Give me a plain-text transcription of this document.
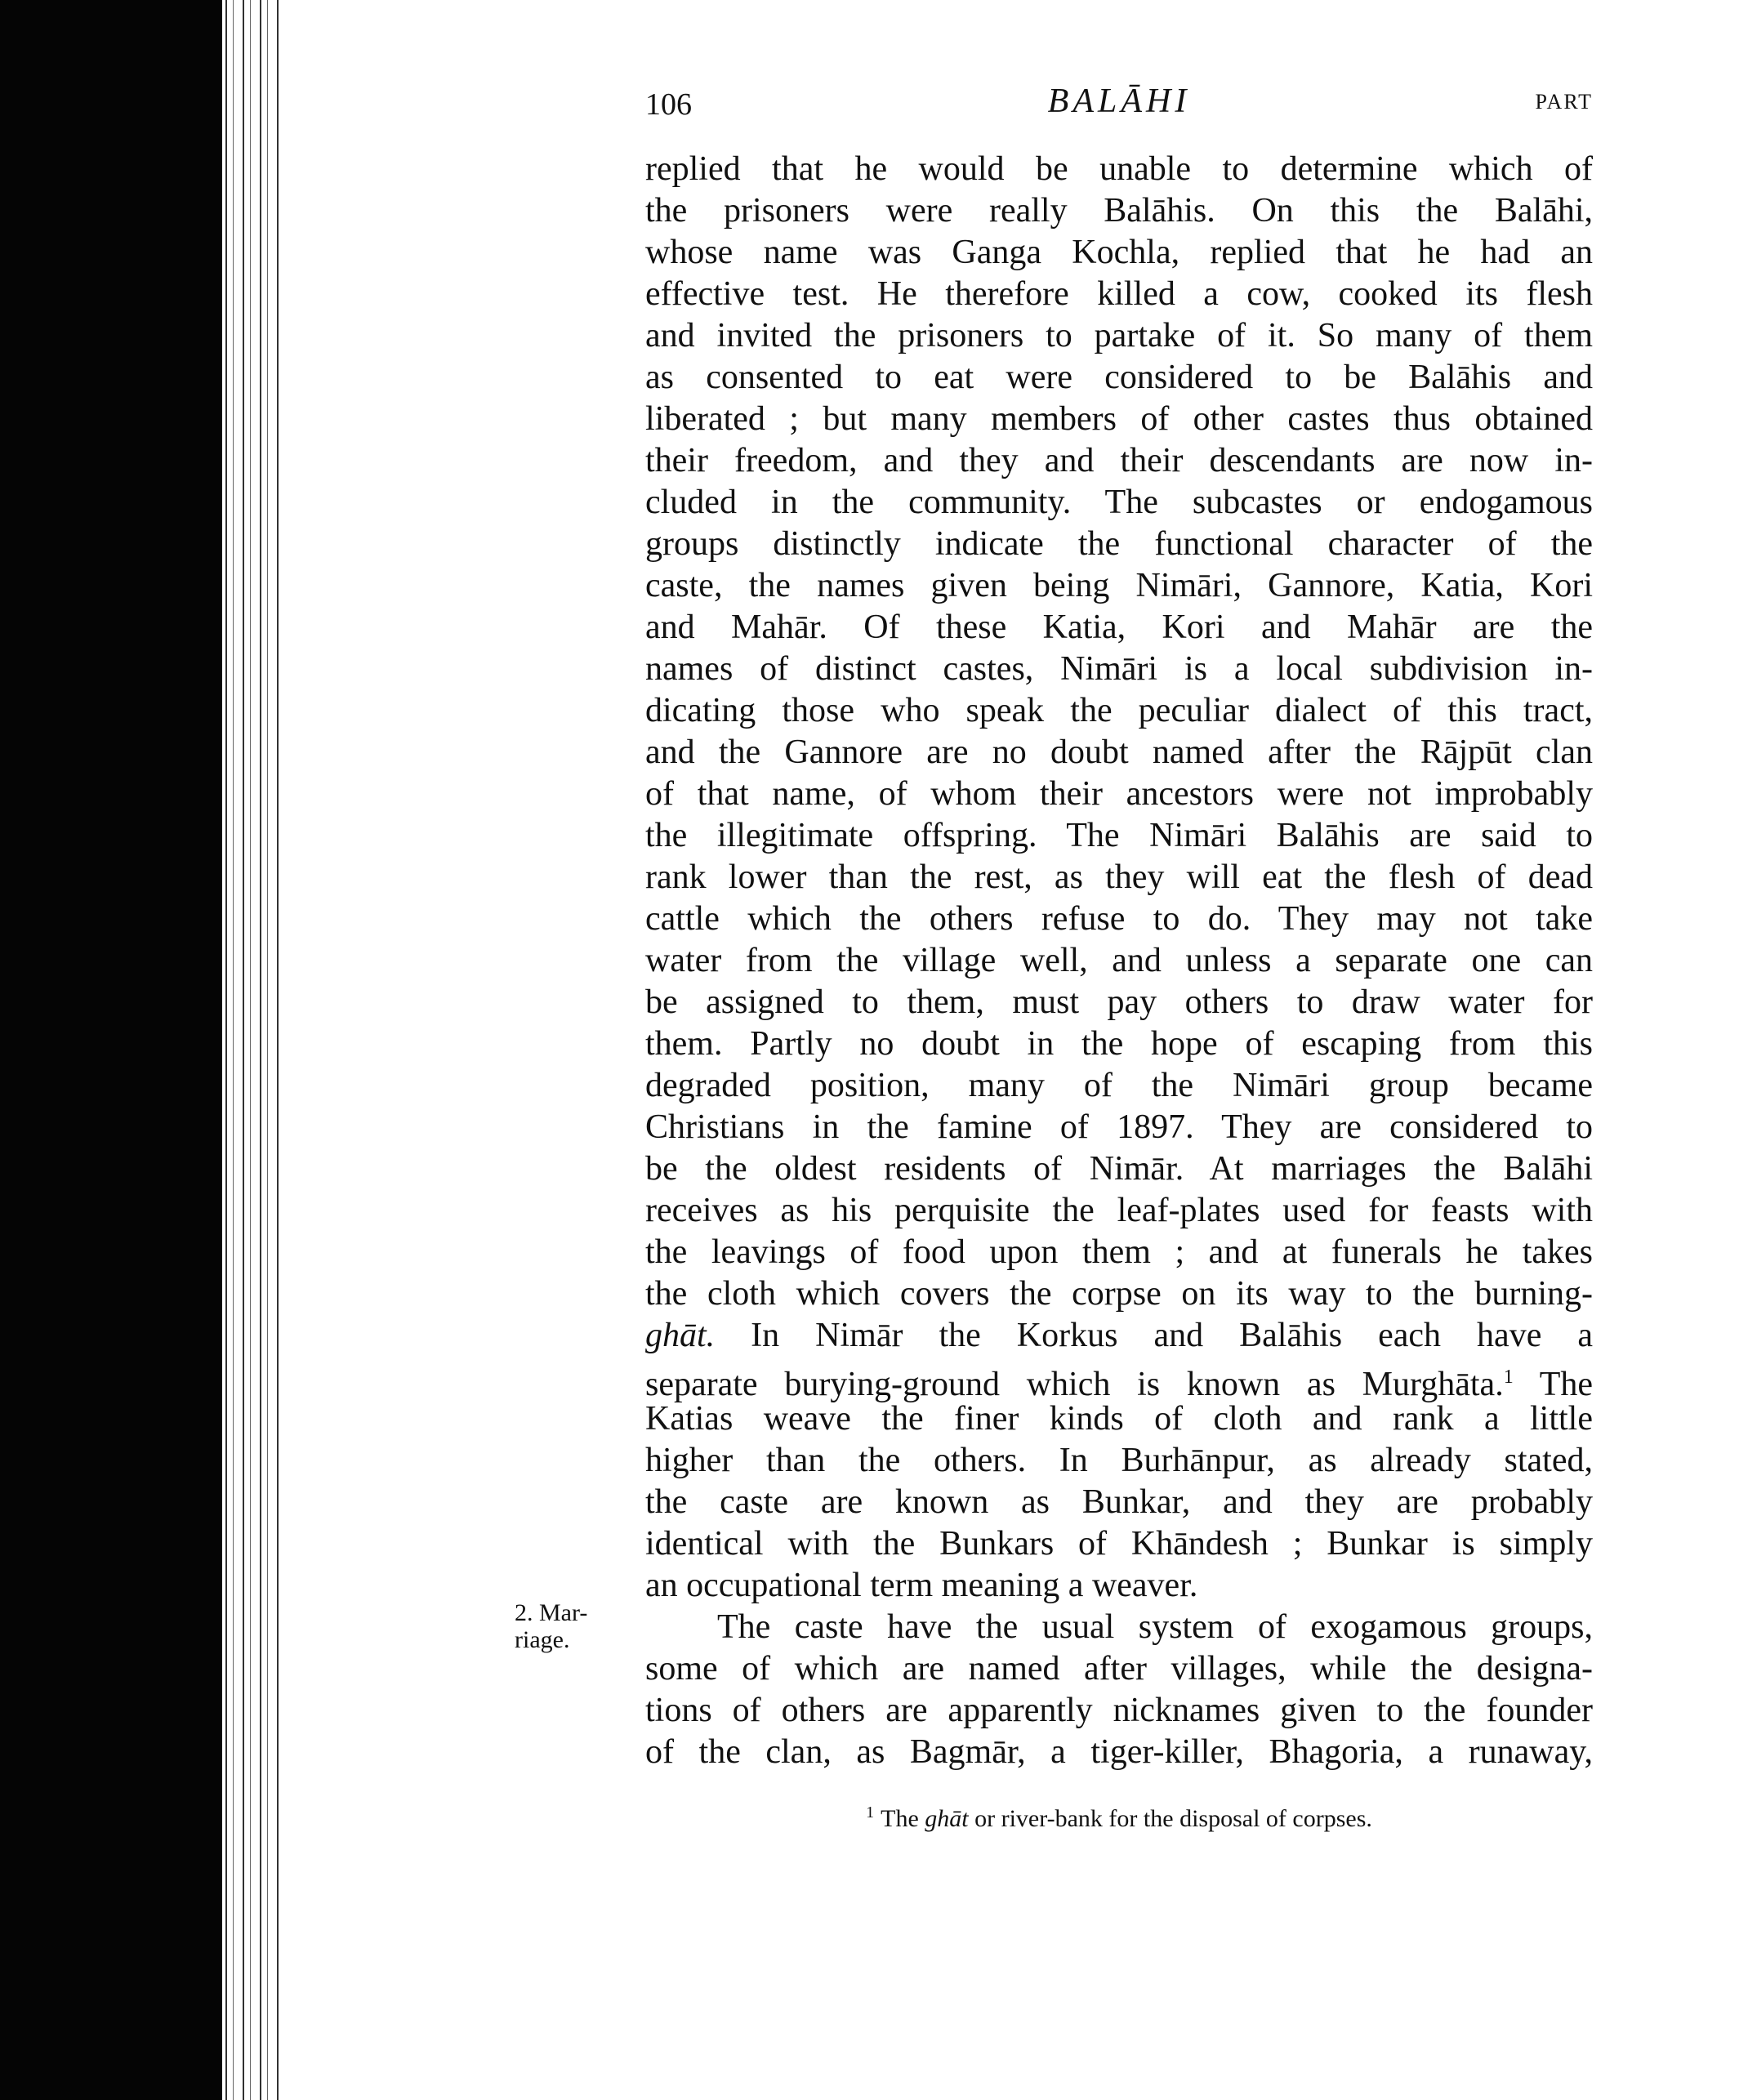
106	BALĀHI	PART
replied that he would be unable to determine which of
the prisoners were really Balāhis. On this the Balāhi,
whose name was Ganga Kochla, replied that he had an
effective test. He therefore killed a cow, cooked its flesh
and invited the prisoners to partake of it. So many of them
as consented to eat were considered to be Balāhis and
liberated ; but many members of other castes thus obtained
their freedom, and they and their descendants are now in-
cluded in the community. The subcastes or endogamous
groups distinctly indicate the functional character of the
caste, the names given being Nimāri, Gannore, Katia, Kori
and Mahār. Of these Katia, Kori and Mahār are the
names of distinct castes, Nimāri is a local subdivision in-
dicating those who speak the peculiar dialect of this tract,
and the Gannore are no doubt named after the Rājpūt clan
of that name, of whom their ancestors were not improbably
the illegitimate offspring. The Nimāri Balāhis are said to
rank lower than the rest, as they will eat the flesh of dead
cattle which the others refuse to do. They may not take
water from the village well, and unless a separate one can
be assigned to them, must pay others to draw water for
them. Partly no doubt in the hope of escaping from this
degraded position, many of the Nimāri group became
Christians in the famine of 1897. They are considered to
be the oldest residents of Nimār. At marriages the Balāhi
receives as his perquisite the leaf-plates used for feasts with
the leavings of food upon them ; and at funerals he takes
the cloth which covers the corpse on its way to the burning-
ghāt. In Nimār the Korkus and Balāhis each have a
separate burying-ground which is known as Murghāta.$^1$ The
Katias weave the finer kinds of cloth and rank a little
higher than the others. In Burhānpur, as already stated,
the caste are known as Bunkar, and they are probably
identical with the Bunkars of Khāndesh ; Bunkar is simply
an occupational term meaning a weaver.
The caste have the usual system of exogamous groups,
some of which are named after villages, while the designa-
tions of others are apparently nicknames given to the founder
of the clan, as Bagmār, a tiger-killer, Bhagoria, a runaway,
2. Mar-
riage.
$^1$ The ghāt or river-bank for the disposal of corpses.
